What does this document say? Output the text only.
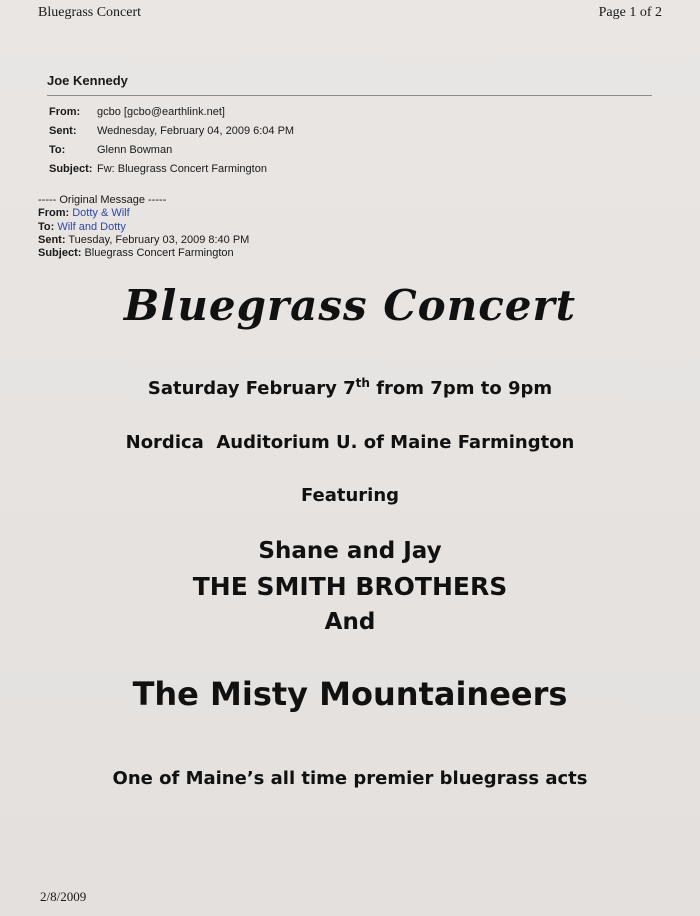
Bluegrass Concert	Page 1 of 2
Joe Kennedy
From:	gcbo [gcbo@earthlink.net]
Sent:	Wednesday, February 04, 2009 6:04 PM
To:	Glenn Bowman
Subject: Fw: Bluegrass Concert Farmington
----- Original Message -----
From: Dotty & Wilf
To: Wilf and Dotty
Sent: Tuesday, February 03, 2009 8:40 PM
Subject: Bluegrass Concert Farmington
Bluegrass Concert
Saturday February 7th from 7pm to 9pm
Nordica  Auditorium U. of Maine Farmington
Featuring
Shane and Jay
THE SMITH BROTHERS
And
The Misty Mountaineers
One of Maine’s all time premier bluegrass acts
2/8/2009
